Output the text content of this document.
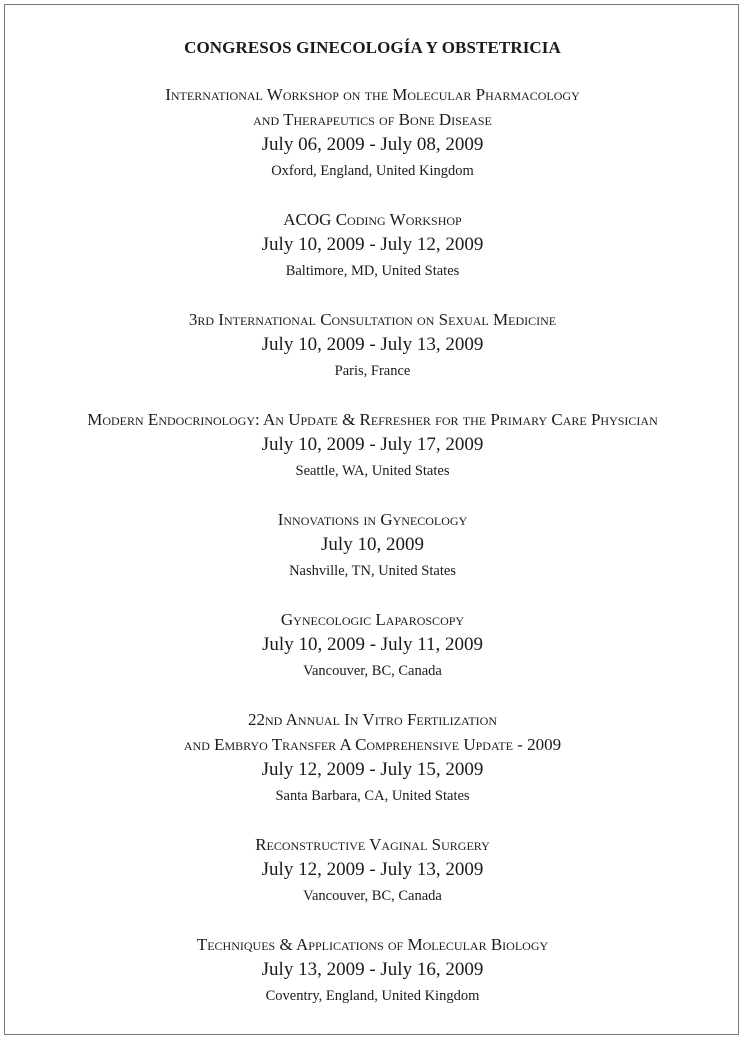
CONGRESOS GINECOLOGÍA Y OBSTETRICIA
International Workshop on the Molecular Pharmacology
and Therapeutics of Bone Disease
July 06, 2009 - July 08, 2009
Oxford, England, United Kingdom
ACOG Coding Workshop
July 10, 2009 - July 12, 2009
Baltimore, MD, United States
3rd International Consultation on Sexual Medicine
July 10, 2009 - July 13, 2009
Paris, France
Modern Endocrinology: An Update & Refresher for the Primary Care Physician
July 10, 2009 - July 17, 2009
Seattle, WA, United States
Innovations in Gynecology
July 10, 2009
Nashville, TN, United States
Gynecologic Laparoscopy
July 10, 2009 - July 11, 2009
Vancouver, BC, Canada
22nd Annual In Vitro Fertilization
and Embryo Transfer A Comprehensive Update - 2009
July 12, 2009 - July 15, 2009
Santa Barbara, CA, United States
Reconstructive Vaginal Surgery
July 12, 2009 - July 13, 2009
Vancouver, BC, Canada
Techniques & Applications of Molecular Biology
July 13, 2009 - July 16, 2009
Coventry, England, United Kingdom
